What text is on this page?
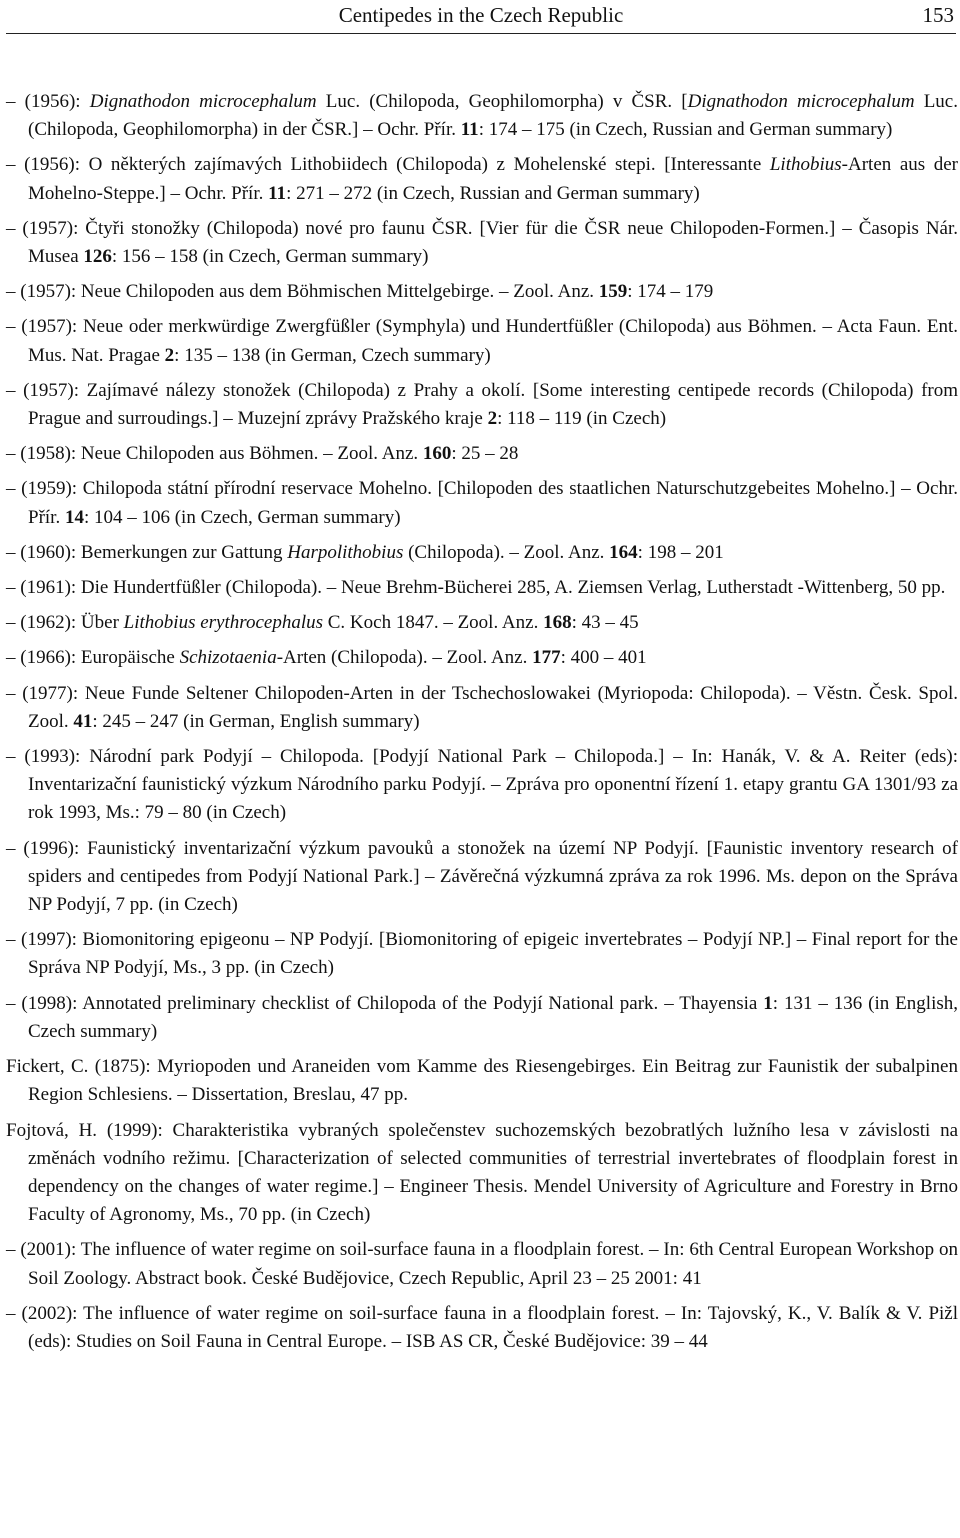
Centipedes in the Czech Republic	153

– (1956): Dignathodon microcephalum Luc. (Chilopoda, Geophilomorpha) v ČSR. [Dignathodon microcephalum Luc. (Chilopoda, Geophilomorpha) in der ČSR.] – Ochr. Přír. 11: 174 – 175 (in Czech, Russian and German summary)

– (1956): O některých zajímavých Lithobiidech (Chilopoda) z Mohelenské stepi. [Interessante Lithobius-Arten aus der Mohelno-Steppe.] – Ochr. Přír. 11: 271 – 272 (in Czech, Russian and German summary)

– (1957): Čtyři stonožky (Chilopoda) nové pro faunu ČSR. [Vier für die ČSR neue Chilopoden-Formen.] – Časopis Nár. Musea 126: 156 – 158 (in Czech, German summary)

– (1957): Neue Chilopoden aus dem Böhmischen Mittelgebirge. – Zool. Anz. 159: 174 – 179

– (1957): Neue oder merkwürdige Zwergfüßler (Symphyla) und Hundertfüßler (Chilopoda) aus Böhmen. – Acta Faun. Ent. Mus. Nat. Pragae 2: 135 – 138 (in German, Czech summary)

– (1957): Zajímavé nálezy stonožek (Chilopoda) z Prahy a okolí. [Some interesting centipede records (Chilopoda) from Prague and surroudings.] – Muzejní zprávy Pražského kraje 2: 118 – 119 (in Czech)

– (1958): Neue Chilopoden aus Böhmen. – Zool. Anz. 160: 25 – 28

– (1959): Chilopoda státní přírodní reservace Mohelno. [Chilopoden des staatlichen Naturschutzgebeites Mohelno.] – Ochr. Přír. 14: 104 – 106 (in Czech, German summary)

– (1960): Bemerkungen zur Gattung Harpolithobius (Chilopoda). – Zool. Anz. 164: 198 – 201

– (1961): Die Hundertfüßler (Chilopoda). – Neue Brehm-Bücherei 285, A. Ziemsen Verlag, Lutherstadt -Wittenberg, 50 pp.

– (1962): Über Lithobius erythrocephalus C. Koch 1847. – Zool. Anz. 168: 43 – 45

– (1966): Europäische Schizotaenia-Arten (Chilopoda). – Zool. Anz. 177: 400 – 401

– (1977): Neue Funde Seltener Chilopoden-Arten in der Tschechoslowakei (Myriopoda: Chilopoda). – Věstn. Česk. Spol. Zool. 41: 245 – 247 (in German, English summary)

– (1993): Národní park Podyjí – Chilopoda. [Podyjí National Park – Chilopoda.] – In: Hanák, V. & A. Reiter (eds): Inventarizační faunistický výzkum Národního parku Podyjí. – Zpráva pro oponentní řízení 1. etapy grantu GA 1301/93 za rok 1993, Ms.: 79 – 80 (in Czech)

– (1996): Faunistický inventarizační výzkum pavouků a stonožek na území NP Podyjí. [Faunistic inventory research of spiders and centipedes from Podyjí National Park.] – Závěrečná výzkumná zpráva za rok 1996. Ms. depon on the Správa NP Podyjí, 7 pp. (in Czech)

– (1997): Biomonitoring epigeonu – NP Podyjí. [Biomonitoring of epigeic invertebrates – Podyjí NP.] – Final report for the Správa NP Podyjí, Ms., 3 pp. (in Czech)

– (1998): Annotated preliminary checklist of Chilopoda of the Podyjí National park. – Thayensia 1: 131 – 136 (in English, Czech summary)

Fickert, C. (1875): Myriopoden und Araneiden vom Kamme des Riesengebirges. Ein Beitrag zur Faunistik der subalpinen Region Schlesiens. – Dissertation, Breslau, 47 pp.

Fojtová, H. (1999): Charakteristika vybraných společenstev suchozemských bezobratlých lužního lesa v závislosti na změnách vodního režimu. [Characterization of selected communities of terrestrial invertebrates of floodplain forest in dependency on the changes of water regime.] – Engineer Thesis. Mendel University of Agriculture and Forestry in Brno Faculty of Agronomy, Ms., 70 pp. (in Czech)

– (2001): The influence of water regime on soil-surface fauna in a floodplain forest. – In: 6th Central European Workshop on Soil Zoology. Abstract book. České Budějovice, Czech Republic, April 23 – 25 2001: 41

– (2002): The influence of water regime on soil-surface fauna in a floodplain forest. – In: Tajovský, K., V. Balík & V. Pižl (eds): Studies on Soil Fauna in Central Europe. – ISB AS CR, České Budějovice: 39 – 44
